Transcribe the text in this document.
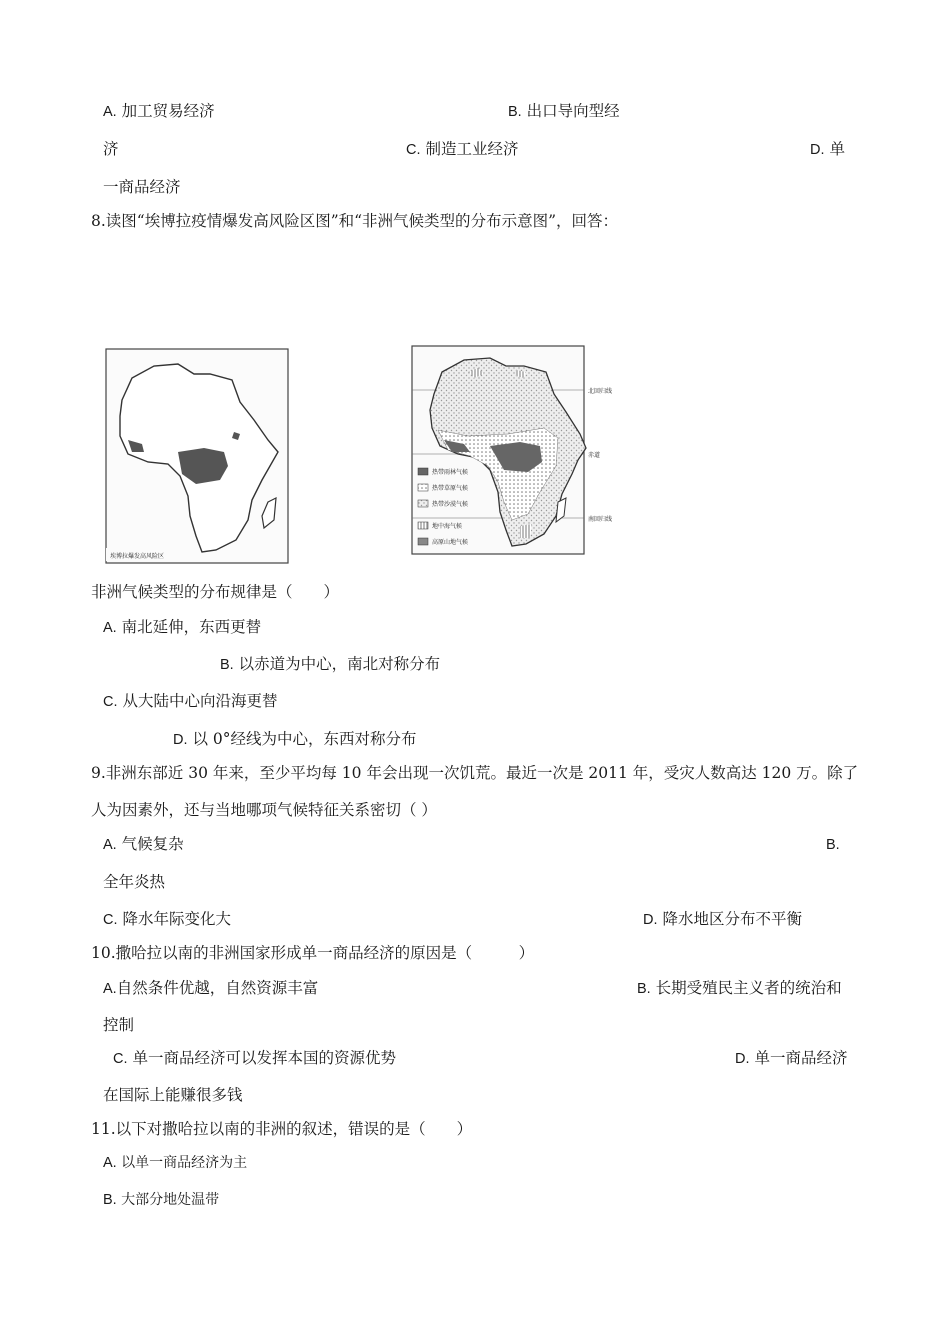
A. 加工贸易经济	B. 出口导向型经
济	C. 制造工业经济	D. 单
一商品经济
8.读图“埃博拉疫情爆发高风险区图”和“非洲气候类型的分布示意图”，回答：
埃博拉爆发高风险区
热带雨林气候
热带草原气候
热带沙漠气候
地中海气候
高原山地气候
北回归线
赤道
南回归线
非洲气候类型的分布规律是（　　）
A. 南北延伸，东西更替
B. 以赤道为中心，南北对称分布
C. 从大陆中心向沿海更替
D. 以 0°经线为中心，东西对称分布
9.非洲东部近 30 年来，至少平均每 10 年会出现一次饥荒。最近一次是 2011 年，受灾人数高达 120 万。除了
人为因素外，还与当地哪项气候特征关系密切（ ）
A. 气候复杂	B.
全年炎热
C. 降水年际变化大	D. 降水地区分布不平衡
10.撒哈拉以南的非洲国家形成单一商品经济的原因是（　　　）
A.自然条件优越，自然资源丰富	B. 长期受殖民主义者的统治和
控制
C. 单一商品经济可以发挥本国的资源优势	D. 单一商品经济
在国际上能赚很多钱
11.以下对撒哈拉以南的非洲的叙述，错误的是（　　）
A. 以单一商品经济为主
B. 大部分地处温带
